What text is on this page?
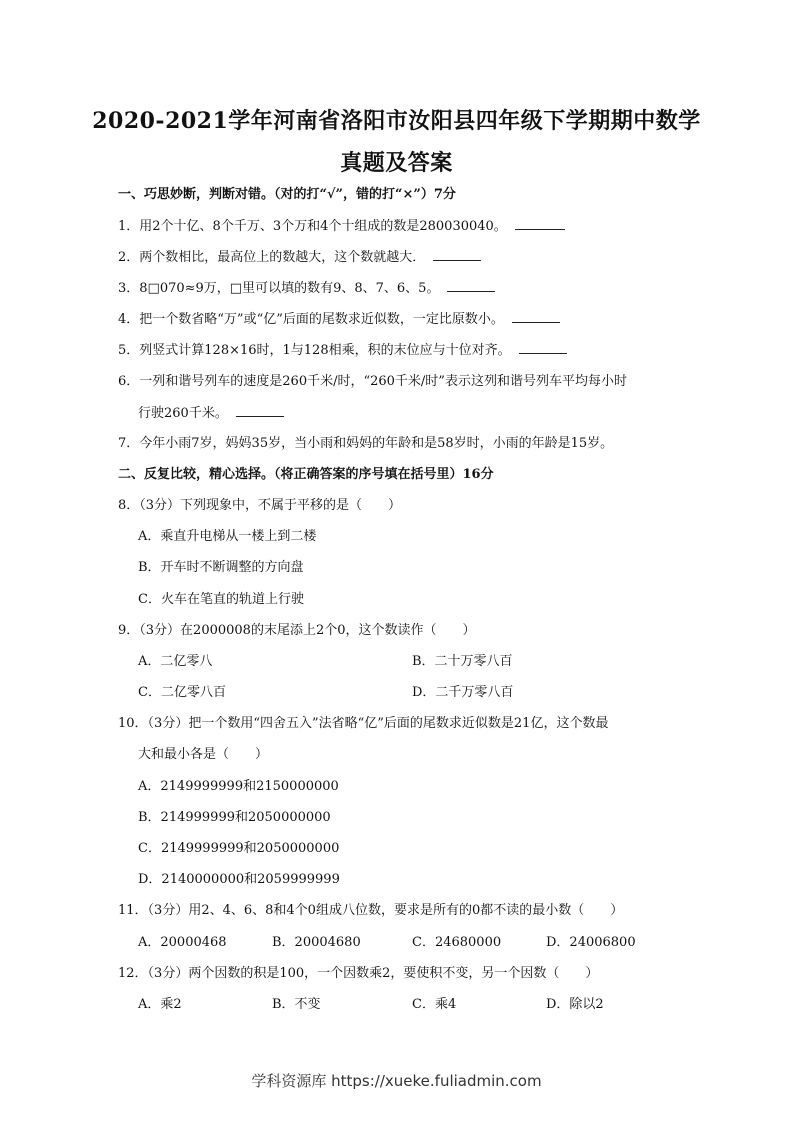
2020-2021学年河南省洛阳市汝阳县四年级下学期期中数学
真题及答案
一、巧思妙断，判断对错。（对的打“√”，错的打“×”）7分
1．用2个十亿、8个千万、3个万和4个十组成的数是280030040。
2．两个数相比，最高位上的数越大，这个数就越大．
3．8□070≈9万，□里可以填的数有9、8、7、6、5。
4．把一个数省略“万”或“亿”后面的尾数求近似数，一定比原数小。
5．列竖式计算128×16时，1与128相乘，积的末位应与十位对齐。
6．一列和谐号列车的速度是260千米/时，“260千米/时”表示这列和谐号列车平均每小时
行驶260千米。
7．今年小雨7岁，妈妈35岁，当小雨和妈妈的年龄和是58岁时，小雨的年龄是15岁。
二、反复比较，精心选择。（将正确答案的序号填在括号里）16分
8．（3分）下列现象中，不属于平移的是（　　）
A．乘直升电梯从一楼上到二楼
B．开车时不断调整的方向盘
C．火车在笔直的轨道上行驶
9．（3分）在2000008的末尾添上2个0，这个数读作（　　）
A．二亿零八	B．二十万零八百
C．二亿零八百	D．二千万零八百
10．（3分）把一个数用“四舍五入”法省略“亿”后面的尾数求近似数是21亿，这个数最
大和最小各是（　　）
A．2149999999和2150000000
B．214999999和2050000000
C．2149999999和2050000000
D．2140000000和2059999999
11．（3分）用2、4、6、8和4个0组成八位数，要求是所有的0都不读的最小数（　　）
A．20000468	B．20004680	C．24680000	D．24006800
12．（3分）两个因数的积是100，一个因数乘2，要使积不变，另一个因数（　　）
A．乘2	B．不变	C．乘4	D．除以2
学科资源库 https://xueke.fuliadmin.com
